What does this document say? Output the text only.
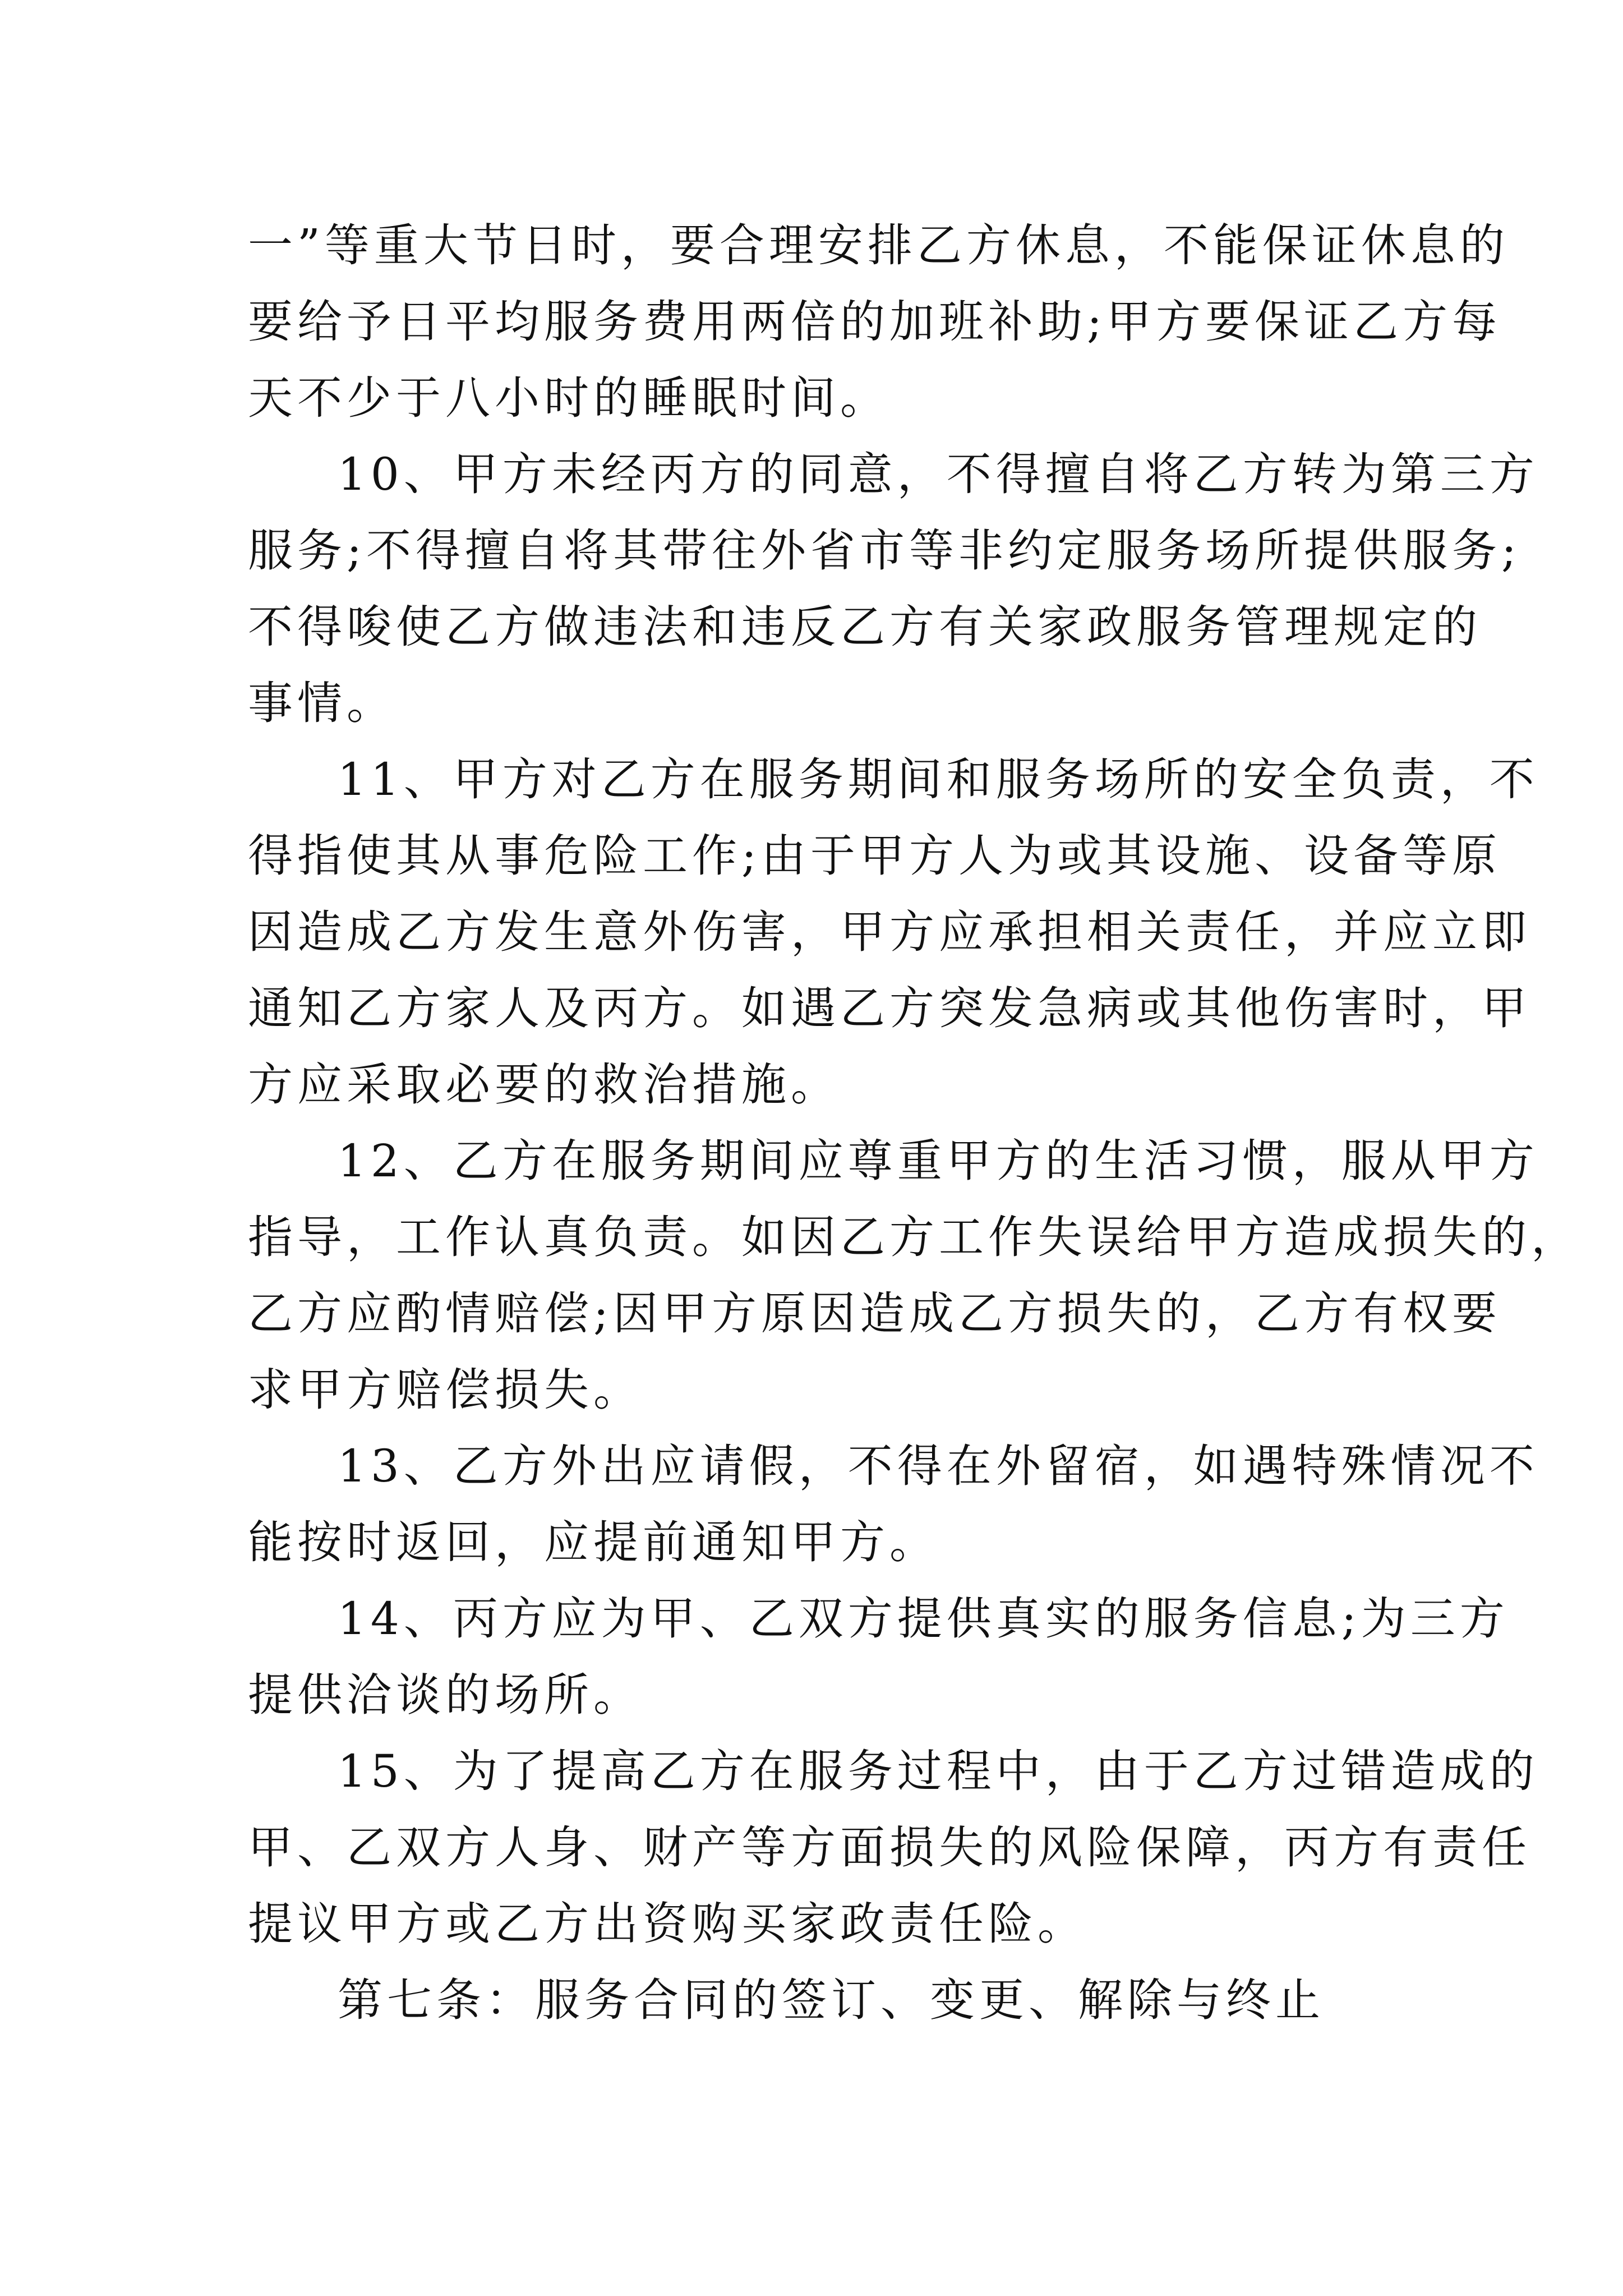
一”等重大节日时，要合理安排乙方休息，不能保证休息的
要给予日平均服务费用两倍的加班补助;甲方要保证乙方每
天不少于八小时的睡眠时间。
10、甲方未经丙方的同意，不得擅自将乙方转为第三方
服务;不得擅自将其带往外省市等非约定服务场所提供服务;
不得唆使乙方做违法和违反乙方有关家政服务管理规定的
事情。
11、甲方对乙方在服务期间和服务场所的安全负责，不
得指使其从事危险工作;由于甲方人为或其设施、设备等原
因造成乙方发生意外伤害，甲方应承担相关责任，并应立即
通知乙方家人及丙方。如遇乙方突发急病或其他伤害时，甲
方应采取必要的救治措施。
12、乙方在服务期间应尊重甲方的生活习惯，服从甲方
指导，工作认真负责。如因乙方工作失误给甲方造成损失的，
乙方应酌情赔偿;因甲方原因造成乙方损失的，乙方有权要
求甲方赔偿损失。
13、乙方外出应请假，不得在外留宿，如遇特殊情况不
能按时返回，应提前通知甲方。
14、丙方应为甲、乙双方提供真实的服务信息;为三方
提供洽谈的场所。
15、为了提高乙方在服务过程中，由于乙方过错造成的
甲、乙双方人身、财产等方面损失的风险保障，丙方有责任
提议甲方或乙方出资购买家政责任险。
第七条：服务合同的签订、变更、解除与终止
